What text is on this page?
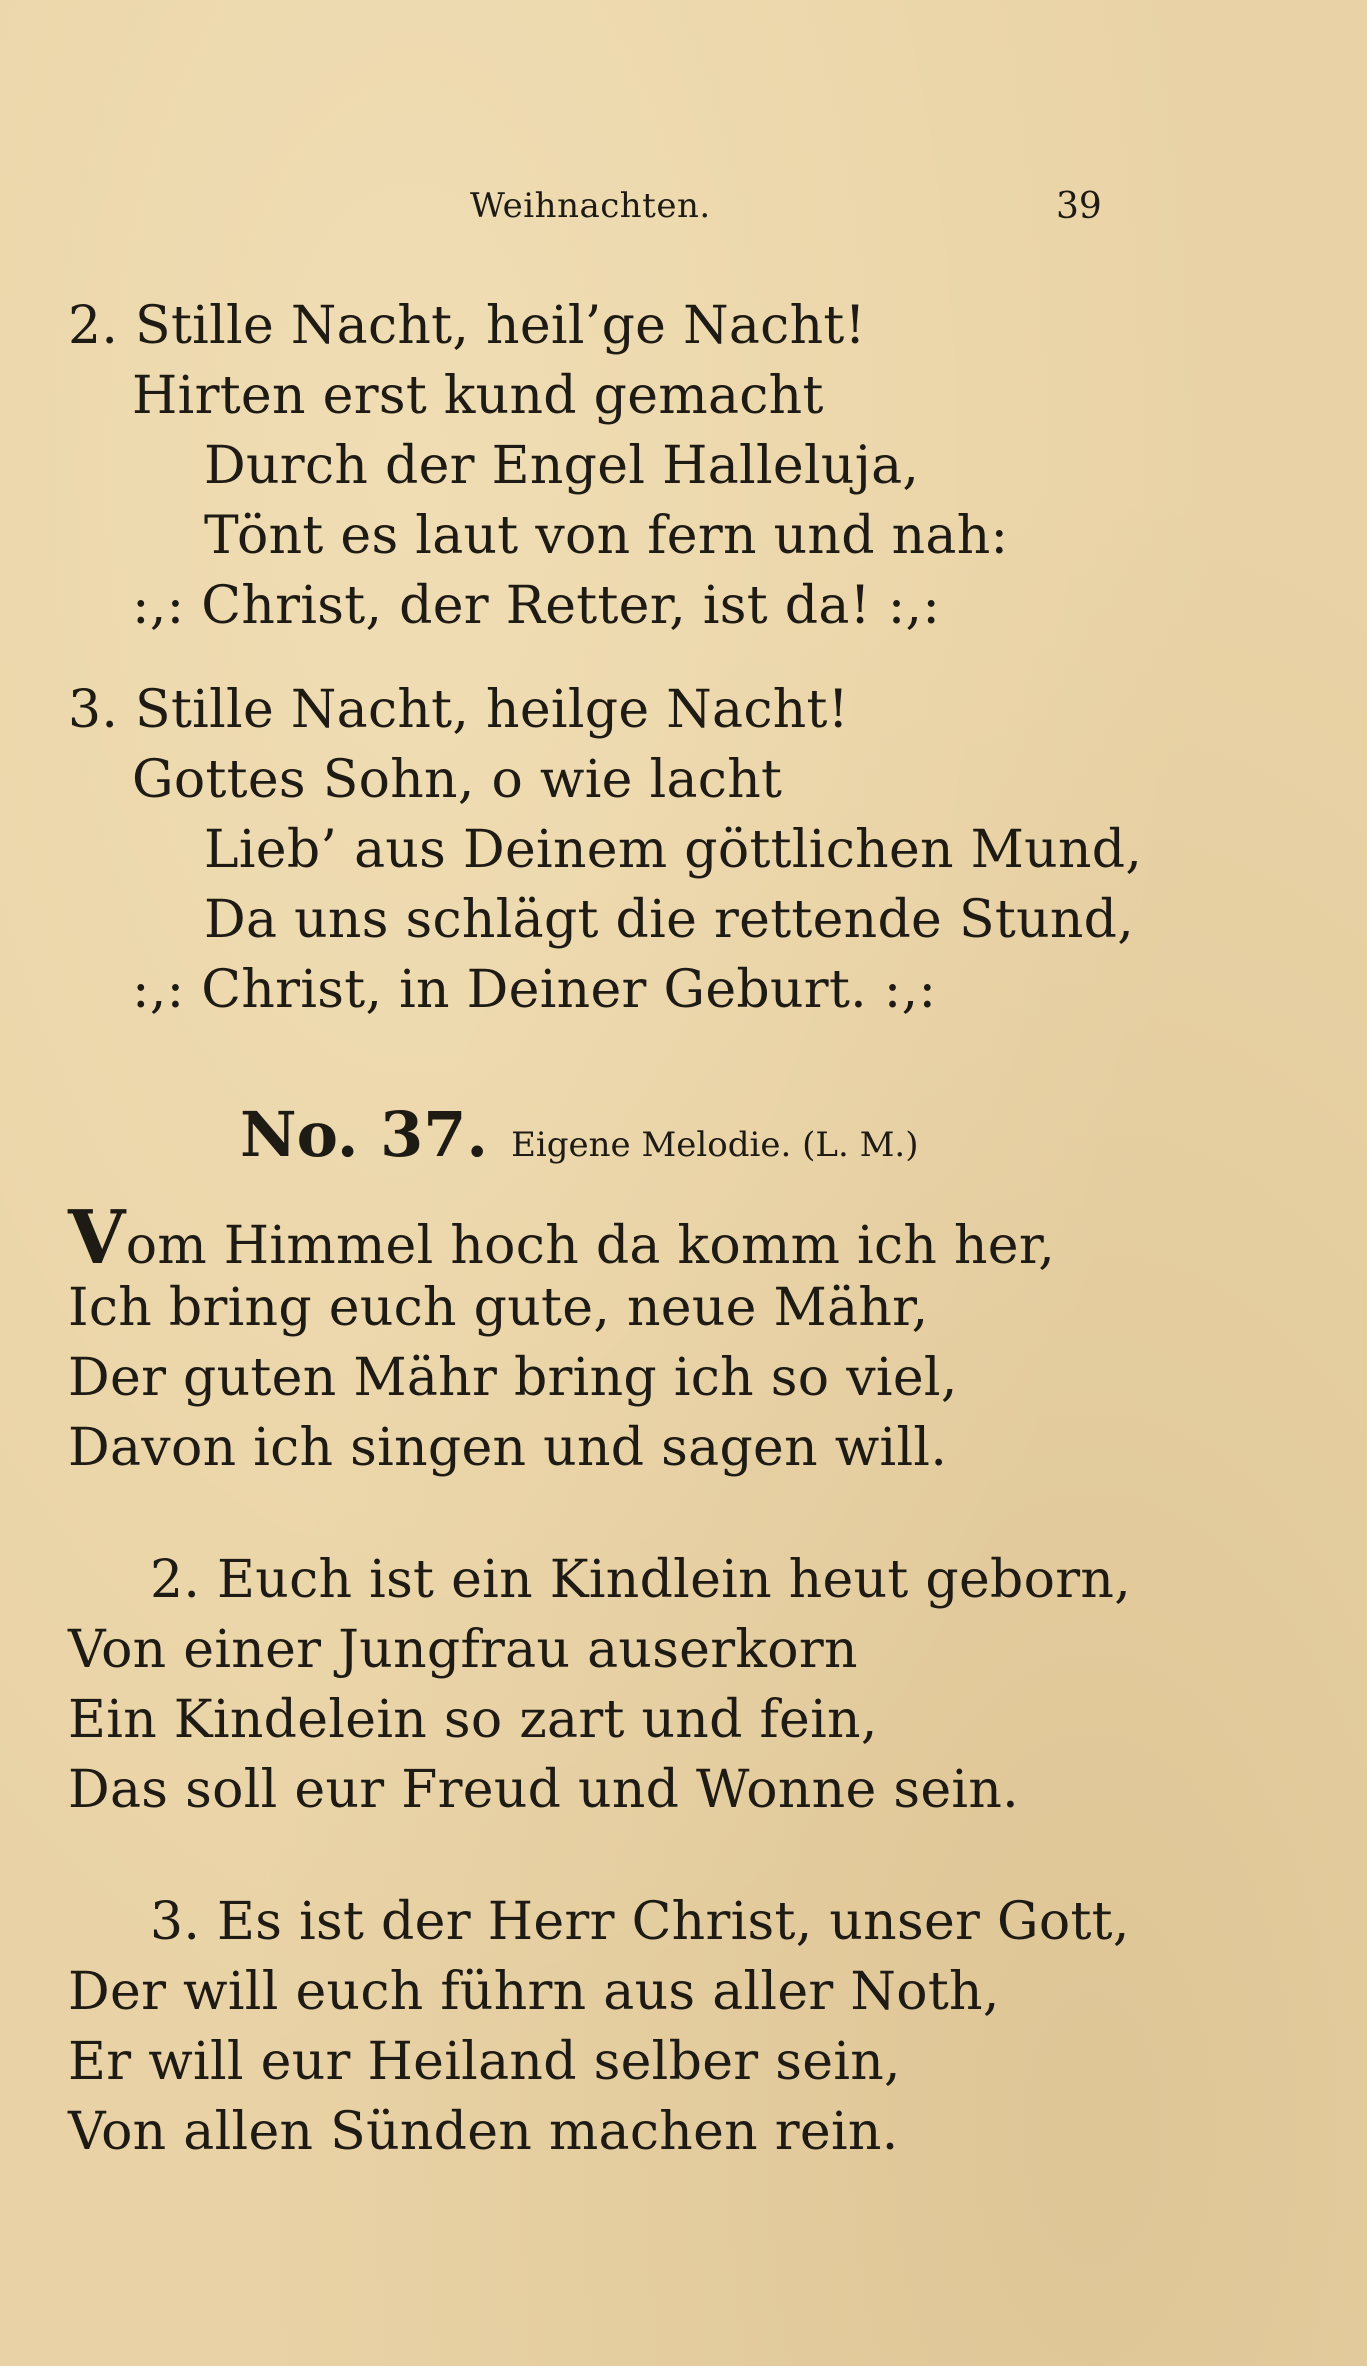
Weihnachten.	39
2. Stille Nacht, heil’ge Nacht!
Hirten erst kund gemacht
Durch der Engel Halleluja,
Tönt es laut von fern und nah:
:,: Christ, der Retter, ist da! :,:
3. Stille Nacht, heilge Nacht!
Gottes Sohn, o wie lacht
Lieb’ aus Deinem göttlichen Mund,
Da uns schlägt die rettende Stund,
:,: Christ, in Deiner Geburt. :,:
No. 37. Eigene Melodie. (L. M.)
Vom Himmel hoch da komm ich her,
Ich bring euch gute, neue Mähr,
Der guten Mähr bring ich so viel,
Davon ich singen und sagen will.
2. Euch ist ein Kindlein heut geborn,
Von einer Jungfrau auserkorn
Ein Kindelein so zart und fein,
Das soll eur Freud und Wonne sein.
3. Es ist der Herr Christ, unser Gott,
Der will euch führn aus aller Noth,
Er will eur Heiland selber sein,
Von allen Sünden machen rein.
